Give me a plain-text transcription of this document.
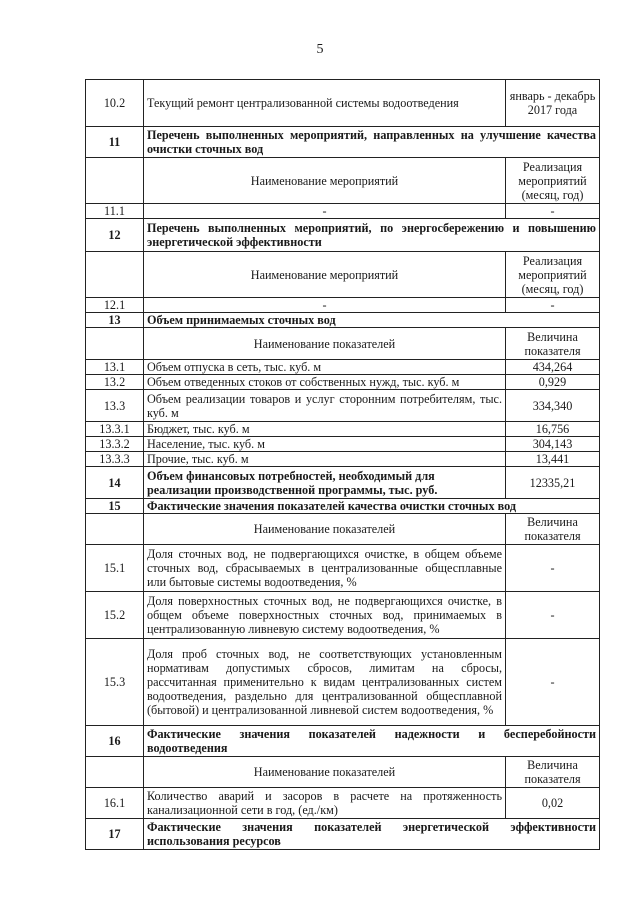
5
10.2	Текущий ремонт централизованной системы водоотведения	январь - декабрь 2017 года
11	Перечень выполненных мероприятий, направленных на улучшение качества очистки сточных вод	
	Наименование мероприятий	Реализация мероприятий (месяц, год)
11.1	-	-
12	Перечень выполненных мероприятий, по энергосбережению и повышению энергетической эффективности	
	Наименование мероприятий	Реализация мероприятий (месяц, год)
12.1	-	-
13	Объем принимаемых сточных вод	
	Наименование показателей	Величина показателя
13.1	Объем отпуска в сеть, тыс. куб. м	434,264
13.2	Объем отведенных стоков от собственных нужд, тыс. куб. м	0,929
13.3	Объем реализации товаров и услуг сторонним потребителям, тыс. куб. м	334,340
13.3.1	Бюджет, тыс. куб. м	16,756
13.3.2	Население, тыс. куб. м	304,143
13.3.3	Прочие, тыс. куб. м	13,441
14	Объем финансовых потребностей, необходимый для реализации производственной программы, тыс. руб.	12335,21
15	Фактические значения показателей качества очистки сточных вод	
	Наименование показателей	Величина показателя
15.1	Доля сточных вод, не подвергающихся очистке, в общем объеме сточных вод, сбрасываемых в централизованные общесплавные или бытовые системы водоотведения, %	-
15.2	Доля поверхностных сточных вод, не подвергающихся очистке, в общем объеме поверхностных сточных вод, принимаемых в централизованную ливневую систему водоотведения, %	-
15.3	Доля проб сточных вод, не соответствующих установленным нормативам допустимых сбросов, лимитам на сбросы, рассчитанная применительно к видам централизованных систем водоотведения, раздельно для централизованной общесплавной (бытовой) и централизованной ливневой систем водоотведения, %	-
16	Фактические значения показателей надежности и бесперебойности водоотведения	
	Наименование показателей	Величина показателя
16.1	Количество аварий и засоров в расчете на протяженность канализационной сети в год, (ед./км)	0,02
17	Фактические значения показателей энергетической эффективности использования ресурсов	
